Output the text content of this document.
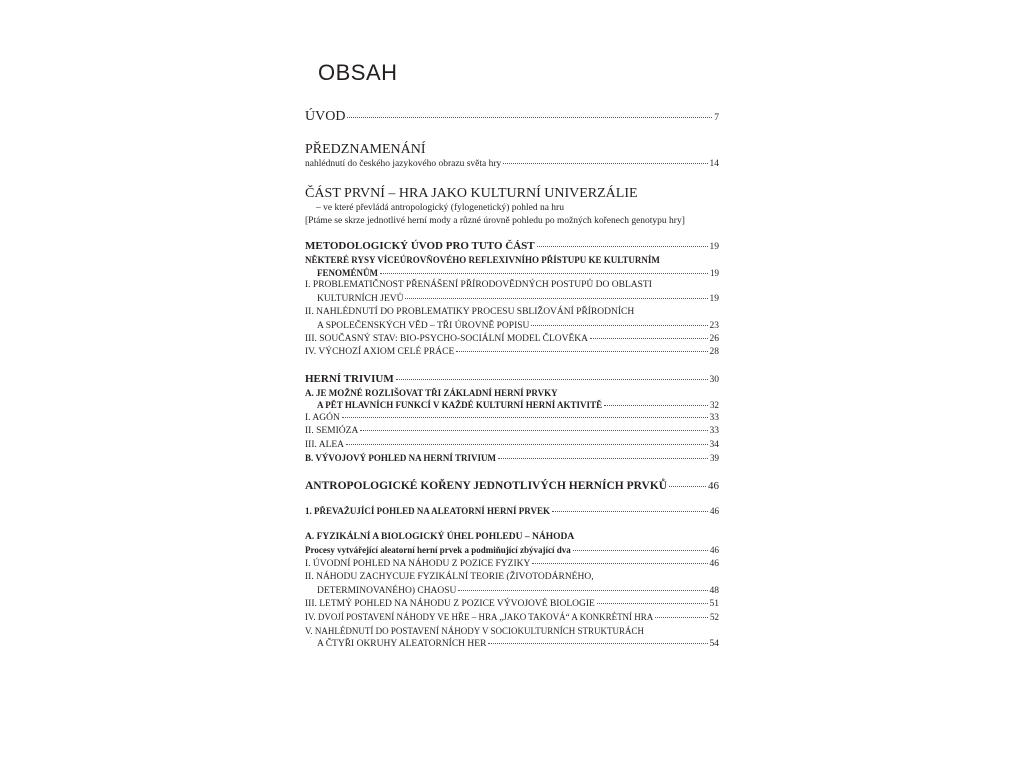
OBSAH
ÚVOD	7
PŘEDZNAMENÁNÍ
nahlédnutí do českého jazykového obrazu světa hry	14
ČÁST PRVNÍ – HRA JAKO KULTURNÍ UNIVERZÁLIE
– ve které převládá antropologický (fylogenetický) pohled na hru
[Ptáme se skrze jednotlivé herní mody a různé úrovně pohledu po možných kořenech genotypu hry]
METODOLOGICKÝ ÚVOD PRO TUTO ČÁST	19
NĚKTERÉ RYSY VÍCEÚROVŇOVÉHO REFLEXIVNÍHO PŘÍSTUPU KE KULTURNÍM
FENOMÉNŮM	19
I. PROBLEMATIČNOST PŘENÁŠENÍ PŘÍRODOVĚDNÝCH POSTUPŮ DO OBLASTI
KULTURNÍCH JEVŮ	19
II. NAHLÉDNUTÍ DO PROBLEMATIKY PROCESU SBLIŽOVÁNÍ PŘÍRODNÍCH
A SPOLEČENSKÝCH VĚD – TŘI ÚROVNĚ POPISU	23
III. SOUČASNÝ STAV: BIO-PSYCHO-SOCIÁLNÍ MODEL ČLOVĚKA	26
IV. VÝCHOZÍ AXIOM CELÉ PRÁCE	28
HERNÍ TRIVIUM	30
A. JE MOŽNÉ ROZLIŠOVAT TŘI ZÁKLADNÍ HERNÍ PRVKY
A PĚT HLAVNÍCH FUNKCÍ V KAŽDÉ KULTURNÍ HERNÍ AKTIVITĚ	32
I. AGÓN	33
II. SEMIÓZA	33
III. ALEA	34
B. VÝVOJOVÝ POHLED NA HERNÍ TRIVIUM	39
ANTROPOLOGICKÉ KOŘENY JEDNOTLIVÝCH HERNÍCH PRVKŮ	46
1. PŘEVAŽUJÍCÍ POHLED NA ALEATORNÍ HERNÍ PRVEK	46
A. FYZIKÁLNÍ A BIOLOGICKÝ ÚHEL POHLEDU – NÁHODA
Procesy vytvářející aleatorní herní prvek a podmiňující zbývající dva	46
I. ÚVODNÍ POHLED NA NÁHODU Z POZICE FYZIKY	46
II. NÁHODU ZACHYCUJE FYZIKÁLNÍ TEORIE (ŽIVOTODÁRNÉHO,
DETERMINOVANÉHO) CHAOSU	48
III. LETMÝ POHLED NA NÁHODU Z POZICE VÝVOJOVÉ BIOLOGIE	51
IV. DVOJÍ POSTAVENÍ NÁHODY VE HŘE – HRA „JAKO TAKOVÁ“ A KONKRÉTNÍ HRA	52
V. NAHLÉDNUTÍ DO POSTAVENÍ NÁHODY V SOCIOKULTURNÍCH STRUKTURÁCH
A ČTYŘI OKRUHY ALEATORNÍCH HER	54
